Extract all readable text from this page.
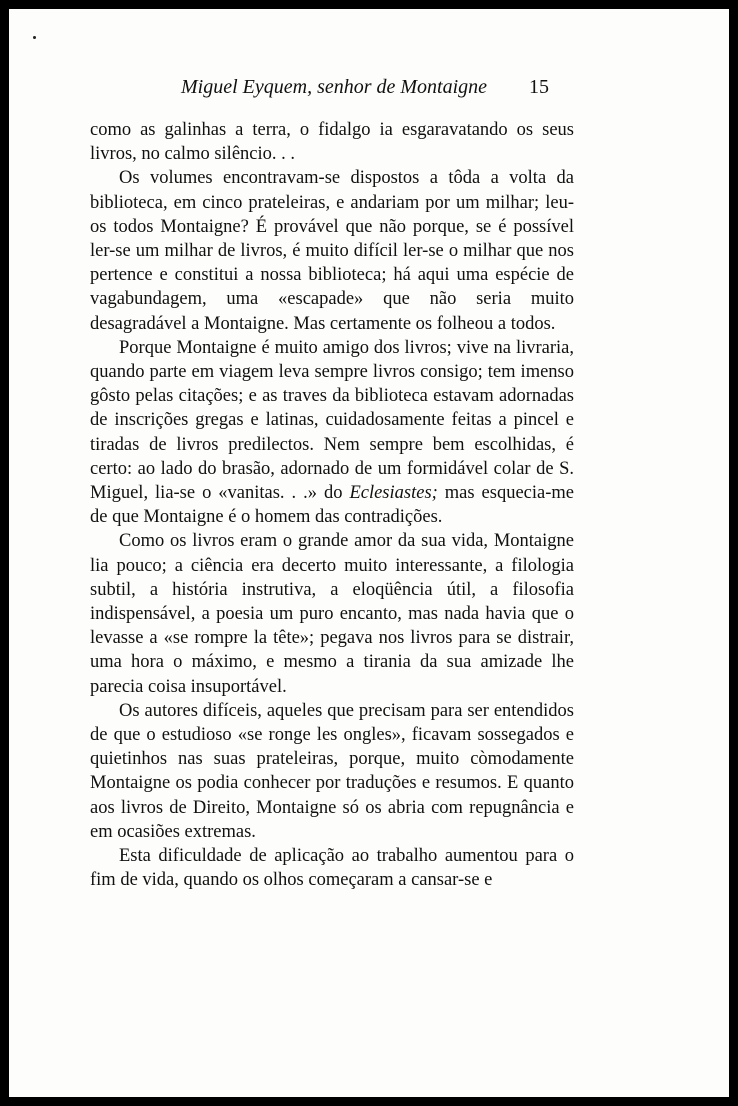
Miguel Eyquem, senhor de Montaigne 15

como as galinhas a terra, o fidalgo ia esgaravatando os seus livros, no calmo silêncio. . .

Os volumes encontravam-se dispostos a tôda a volta da biblioteca, em cinco prateleiras, e andariam por um milhar; leu-os todos Montaigne? É provável que não porque, se é possível ler-se um milhar de livros, é muito difícil ler-se o milhar que nos pertence e constitui a nossa biblioteca; há aqui uma espécie de vagabundagem, uma «escapade» que não seria muito desagradável a Montaigne. Mas certamente os folheou a todos.

Porque Montaigne é muito amigo dos livros; vive na livraria, quando parte em viagem leva sempre livros consigo; tem imenso gôsto pelas citações; e as traves da biblioteca estavam adornadas de inscrições gregas e latinas, cuidadosamente feitas a pincel e tiradas de livros predilectos. Nem sempre bem escolhidas, é certo: ao lado do brasão, adornado de um formidável colar de S. Miguel, lia-se o «vanitas. . .» do Eclesiastes; mas esquecia-me de que Montaigne é o homem das contradições.

Como os livros eram o grande amor da sua vida, Montaigne lia pouco; a ciência era decerto muito interessante, a filologia subtil, a história instrutiva, a eloqüência útil, a filosofia indispensável, a poesia um puro encanto, mas nada havia que o levasse a «se rompre la tête»; pegava nos livros para se distrair, uma hora o máximo, e mesmo a tirania da sua amizade lhe parecia coisa insuportável.

Os autores difíceis, aqueles que precisam para ser entendidos de que o estudioso «se ronge les ongles», ficavam sossegados e quietinhos nas suas prateleiras, porque, muito còmodamente Montaigne os podia conhecer por traduções e resumos. E quanto aos livros de Direito, Montaigne só os abria com repugnância e em ocasiões extremas.

Esta dificuldade de aplicação ao trabalho aumentou para o fim de vida, quando os olhos começaram a cansar-se e
